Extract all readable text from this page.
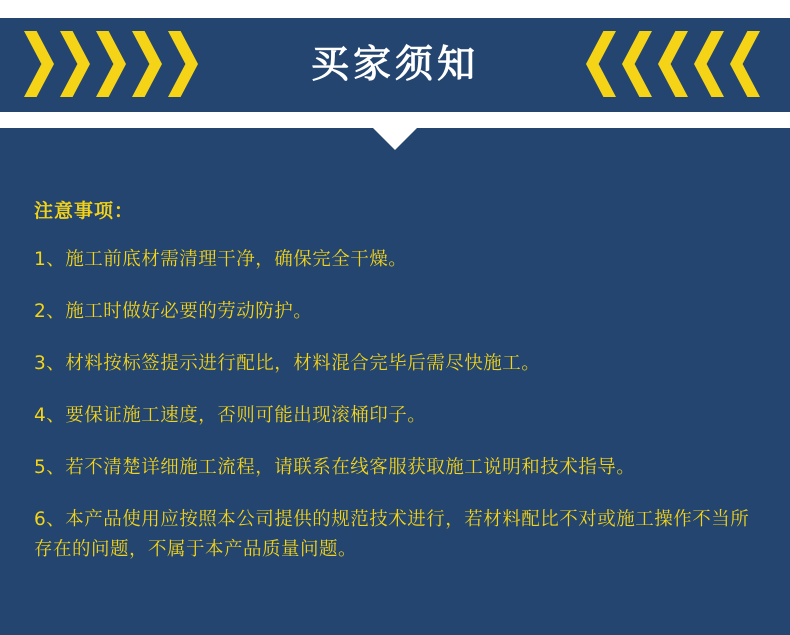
买家须知
注意事项：
1、施工前底材需清理干净，确保完全干燥。
2、施工时做好必要的劳动防护。
3、材料按标签提示进行配比，材料混合完毕后需尽快施工。
4、要保证施工速度，否则可能出现滚桶印子。
5、若不清楚详细施工流程，请联系在线客服获取施工说明和技术指导。
6、本产品使用应按照本公司提供的规范技术进行，若材料配比不对或施工操作不当所存在的问题，不属于本产品质量问题。
